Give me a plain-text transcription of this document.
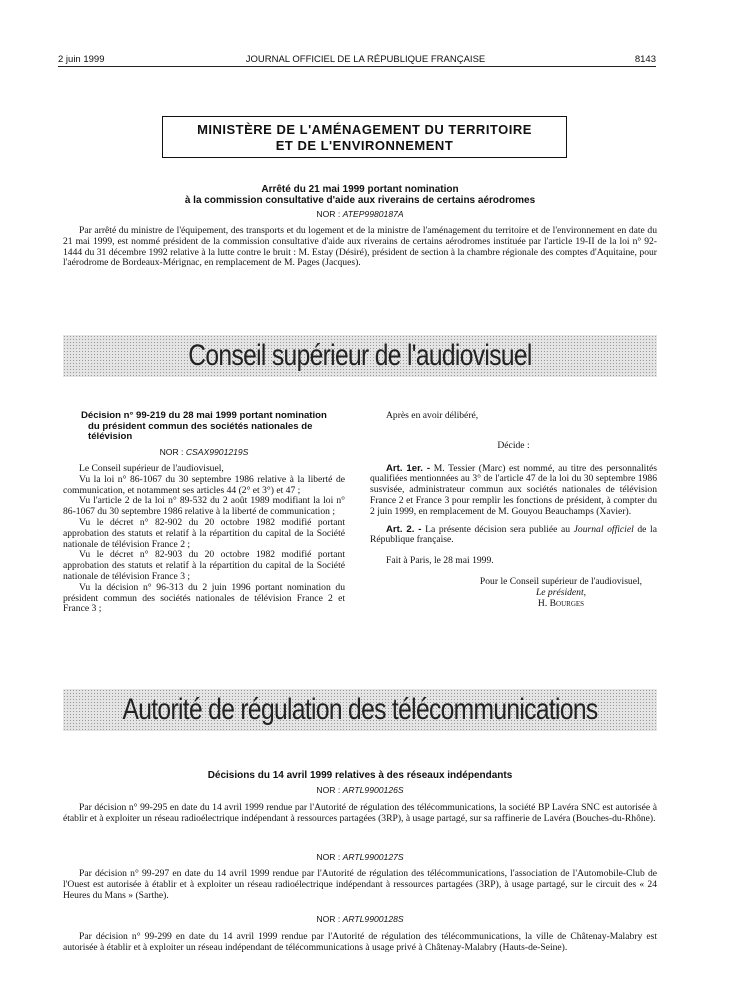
2 juin 1999	JOURNAL OFFICIEL DE LA RÉPUBLIQUE FRANÇAISE	8143
MINISTÈRE DE L'AMÉNAGEMENT DU TERRITOIRE
ET DE L'ENVIRONNEMENT
Arrêté du 21 mai 1999 portant nomination
à la commission consultative d'aide aux riverains de certains aérodromes
NOR : ATEP9980187A

Par arrêté du ministre de l'équipement, des transports et du logement et de la ministre de l'aménagement du territoire et de l'environnement en date du 21 mai 1999, est nommé président de la commission consultative d'aide aux riverains de certains aérodromes instituée par l'article 19-II de la loi n° 92-1444 du 31 décembre 1992 relative à la lutte contre le bruit : M. Estay (Désiré), président de section à la chambre régionale des comptes d'Aquitaine, pour l'aérodrome de Bordeaux-Mérignac, en remplacement de M. Pages (Jacques).

Conseil supérieur de l'audiovisuel
Décision n° 99-219 du 28 mai 1999 portant nomination
du président commun des sociétés nationales de
télévision
NOR : CSAX9901219S

Le Conseil supérieur de l'audiovisuel,

Vu la loi n° 86-1067 du 30 septembre 1986 relative à la liberté de communication, et notamment ses articles 44 (2° et 3°) et 47 ;

Vu l'article 2 de la loi n° 89-532 du 2 août 1989 modifiant la loi n° 86-1067 du 30 septembre 1986 relative à la liberté de communication ;

Vu le décret n° 82-902 du 20 octobre 1982 modifié portant approbation des statuts et relatif à la répartition du capital de la Société nationale de télévision France 2 ;

Vu le décret n° 82-903 du 20 octobre 1982 modifié portant approbation des statuts et relatif à la répartition du capital de la Société nationale de télévision France 3 ;

Vu la décision n° 96-313 du 2 juin 1996 portant nomination du président commun des sociétés nationales de télévision France 2 et France 3 ;

Après en avoir délibéré,

Décide :

Art. 1er. - M. Tessier (Marc) est nommé, au titre des personnalités qualifiées mentionnées au 3° de l'article 47 de la loi du 30 septembre 1986 susvisée, administrateur commun aux sociétés nationales de télévision France 2 et France 3 pour remplir les fonctions de président, à compter du 2 juin 1999, en remplacement de M. Gouyou Beauchamps (Xavier).

Art. 2. - La présente décision sera publiée au Journal officiel de la République française.

Fait à Paris, le 28 mai 1999.

Pour le Conseil supérieur de l'audiovisuel,
Le président,
H. Bourges
Autorité de régulation des télécommunications
Décisions du 14 avril 1999 relatives à des réseaux indépendants
NOR : ARTL9900126S

Par décision n° 99-295 en date du 14 avril 1999 rendue par l'Autorité de régulation des télécommunications, la société BP Lavéra SNC est autorisée à établir et à exploiter un réseau radioélectrique indépendant à ressources partagées (3RP), à usage partagé, sur sa raffinerie de Lavéra (Bouches-du-Rhône).

NOR : ARTL9900127S

Par décision n° 99-297 en date du 14 avril 1999 rendue par l'Autorité de régulation des télécommunications, l'association de l'Automobile-Club de l'Ouest est autorisée à établir et à exploiter un réseau radioélectrique indépendant à ressources partagées (3RP), à usage partagé, sur le circuit des « 24 Heures du Mans » (Sarthe).

NOR : ARTL9900128S

Par décision n° 99-299 en date du 14 avril 1999 rendue par l'Autorité de régulation des télécommunications, la ville de Châtenay-Malabry est autorisée à établir et à exploiter un réseau indépendant de télécommunications à usage privé à Châtenay-Malabry (Hauts-de-Seine).
